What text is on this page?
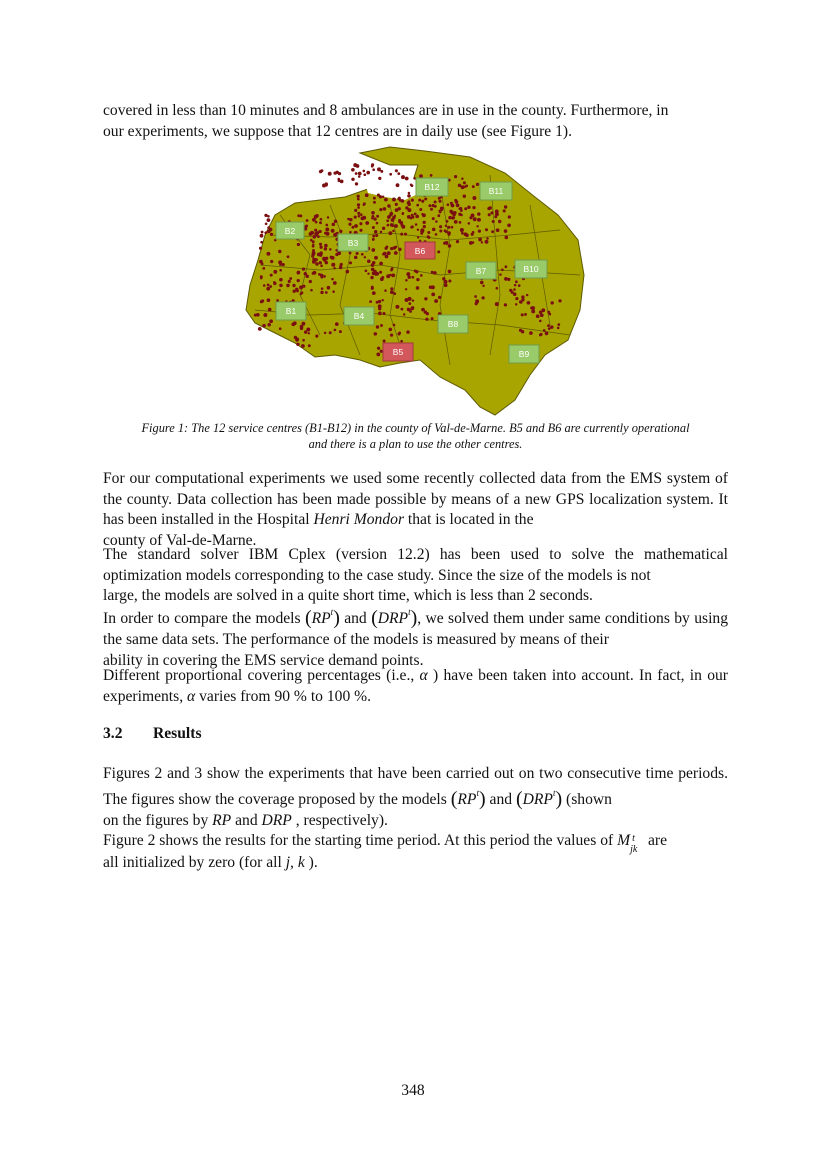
covered in less than 10 minutes and 8 ambulances are in use in the county. Furthermore, in
our experiments, we suppose that 12 centres are in daily use (see Figure 1).

B12	B11
B2
B3
B6
B7	B10
B1	B4
B8
B5	B9
Figure 1: The 12 service centres (B1-B12) in the county of Val-de-Marne. B5 and B6 are currently operational
and there is a plan to use the other centres.

For our computational experiments we used some recently collected data from the EMS system of the county. Data collection has been made possible by means of a new GPS localization system. It has been installed in the Hospital Henri Mondor that is located in the
county of Val-de-Marne.

The standard solver IBM Cplex (version 12.2) has been used to solve the mathematical optimization models corresponding to the case study. Since the size of the models is not
large, the models are solved in a quite short time, which is less than 2 seconds.

In order to compare the models $(RP^t)$ and (DRP$^t$), we solved them under same conditions by using the same data sets. The performance of the models is measured by means of their
ability in covering the EMS service demand points.

Different proportional covering percentages (i.e., α ) have been taken into account. In fact, in our experiments, α varies from 90 % to 100 %.

3.2 Results

Figures 2 and 3 show the experiments that have been carried out on two consecutive time periods. The figures show the coverage proposed by the models $(RP^t)$ and (DRP$^t$) (shown
on the figures by RP and DRP , respectively).

Figure 2 shows the results for the starting time period. At this period the values of M t
jk
are
all initialized by zero (for all j, k ).

348
